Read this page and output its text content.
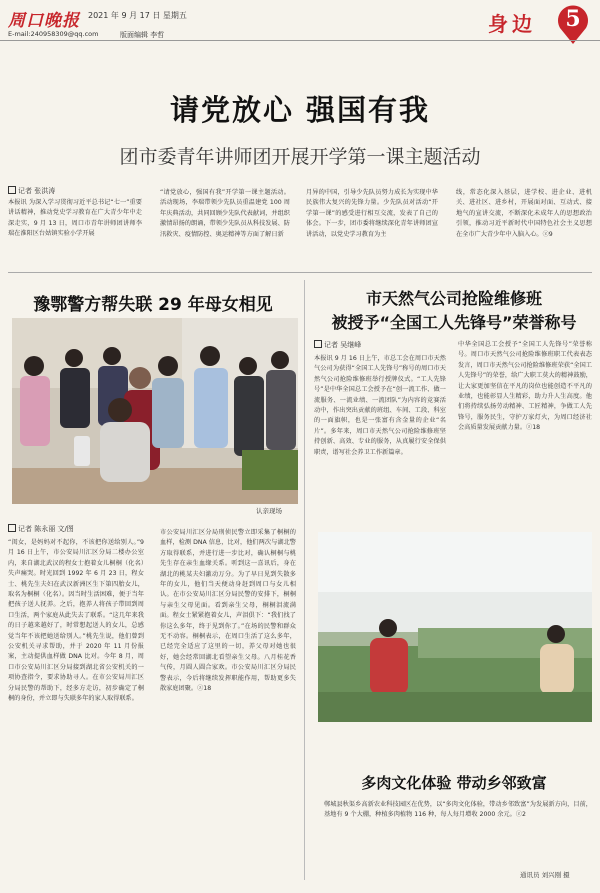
周口晚报 2021 年 9 月 17 日 星期五
E-mail:240958309@qq.com	版面编辑 李哲	身边	5
请党放心 强国有我
团市委青年讲师团开展开学第一课主题活动
记者 张洪涛
本报讯 为深入学习贯彻习近平总书记“七一”重要讲话精神，推动党史学习教育在广大青少年中走深走实，9 月 13 日，周口市青年讲师团讲师李瑞在淮阳区台姑镇实验小学开展
“请党放心，强国有我”开学第一课主题活动。活动现场，李瑞带领少先队员重温建党 100 周年庆典活动，共同回顾少先队代表献词，并组织激情昂扬的朗诵，带领少先队员从科技发展、防汛救灾、疫情防控、奥运精神等方面了解日新
月异的中国，引导少先队员努力成长为实现中华民族伟大复兴的先锋力量。少先队员对活动“开学第一课”的感受进行相互交流，发表了自己的体会。下一步，团市委将继续深化青年讲师团宣讲活动，以党史学习教育为主
线，常态化深入基层，进学校、进企业、进机关、进社区、进乡村，开展面对面、互动式、接地气的宣讲交流，不断深化未成年人的思想政治引领，推动习近平新时代中国特色社会主义思想在全市广大青少年中入脑入心。ⓩ9
豫鄂警方帮失联 29 年母女相见
认亲现场
记者 陈永丽 文/图
“闺女，是妈妈对不起你，不该把你送给别人。”9 月 16 日上午，市公安局川汇区分局二楼办公室内，来自湖北武汉的程女士抱着女儿桐桐（化名）失声痛哭。时光回到 1992 年 6 月 23 日，程女士、桃先生夫妇在武汉新洲区生下第四胎女儿，取名为桐桐（化名）。因当时生活困难，便于当年把孩子送人抚养。之后，抱养人将孩子带回到周口生活，两个家庭从此失去了联系。“这几年来我的日子越来越好了，时常想起送人的女儿，总感觉当年不该把她送给别人。”桃先生说，他们曾到公安机关寻求帮助，并于 2020 年 11 月份报案，主动提供血样做 DNA 比对。今年 8 月，周口市公安局川汇区分局接到湖北省公安机关的一项协查指令，要求协助寻人。在市公安局川汇区分局民警的帮助下，经多方走访，初步确定了桐桐的身份，并立即与失联多年的家人取得联系。
市公安局川汇区分局刑侦民警立即采集了桐桐的血样，检测 DNA 信息，比对，他们两次与湖北警方取得联系，并进行进一步比对，确认桐桐与桃先生存在亲生血缘关系。听到这一喜讯后，身在湖北的桃某夫妇激动万分。为了早日见到失散多年的女儿，他们当天便动身赶到周口与女儿相认。在市公安局川汇区分局民警的安排下，桐桐与亲生父母见面。看到亲生父母，桐桐泪流满面。程女士紧紧抱着女儿，声泪俱下：“我们找了你这么多年，终于见到你了。”在场的民警和群众无不动容。桐桐表示，在周口生活了这么多年，已经完全适应了这里的一切，养父母对她也很好，她会经常回湖北看望亲生父母。八月桂花香气传，月圆人圆合家欢。市公安局川汇区分局民警表示，今后将继续发挥职能作用，帮助更多失散家庭团聚。ⓩ18
市天然气公司抢险维修班
被授予“全国工人先锋号”荣誉称号
记者 吴继峰
本报讯 9 月 16 日上午，市总工会在周口市天然气公司为获得“全国工人先锋号”称号的周口市天然气公司抢险维修班举行授牌仪式。“工人先锋号”是中华全国总工会授予在“创一流工作、做一流服务、一流业绩、一流团队”为内容的竞赛活动中，作出突出贡献的班组、车间、工段、科室的一面旗帜，也是一张富有含金量的企业“名片”。多年来，周口市天然气公司抢险维修班坚持创新、高效、专业的服务，从真履行安全保供职责，谱写社会养卫工作新篇章。
中华全国总工会授予“全国工人先锋号”荣誉称号。周口市天然气公司抢险维修班职工代表表态发言，周口市天然气公司抢险维修班荣获“全国工人先锋号”的荣誉，给广大职工莫大的精神鼓励，让大家更加坚信在平凡的岗位也能创造不平凡的业绩，也能彰显人生精彩，助力升人生高度。他们将持续弘扬劳动精神、工匠精神，争做工人先锋号，服务民生，守护万家灯火，为周口经济社会高质量发展贡献力量。ⓩ18
多肉文化体验 带动乡邻致富
郸城县秋渠乡高新农业科技园区在优势，以“多肉文化体验，带动乡邻致富”为发展新方向，目前，基地有 9 个大棚，种植多肉植物 116 种，每人每月增收 2000 余元。ⓩ2
通讯员 刘兴刚 摄
